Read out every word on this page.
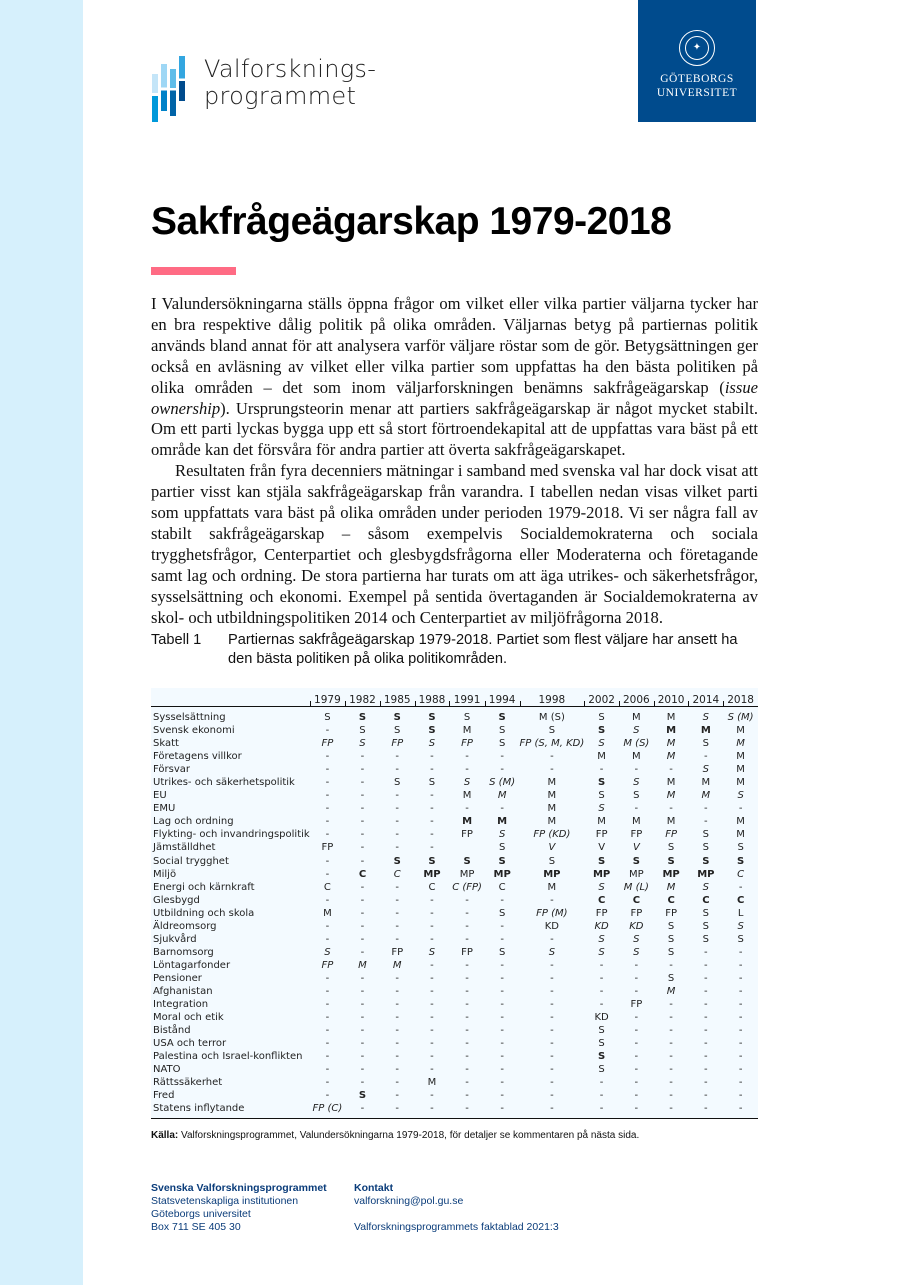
Valforsknings-
programmet
✦
GÖTEBORGS
UNIVERSITET
Sakfrågeägarskap 1979-2018

I Valundersökningarna ställs öppna frågor om vilket eller vilka partier väljarna tycker har en bra respektive dålig politik på olika områden. Väljarnas betyg på partiernas politik används bland annat för att analysera varför väljare röstar som de gör. Betygsättningen ger också en avläsning av vilket eller vilka partier som uppfattas ha den bästa politiken på olika områden – det som inom väljarforskningen benämns sakfrågeägarskap (issue ownership). Ursprungsteorin menar att partiers sakfrågeägarskap är något mycket stabilt. Om ett parti lyckas bygga upp ett så stort förtroendekapital att de uppfattas vara bäst på ett område kan det försvåra för andra partier att överta sakfrågeägarskapet.

Resultaten från fyra decenniers mätningar i samband med svenska val har dock visat att partier visst kan stjäla sakfrågeägarskap från varandra. I tabellen nedan visas vilket parti som uppfattats vara bäst på olika områden under perioden 1979-2018. Vi ser några fall av stabilt sakfrågeägarskap – såsom exempelvis Socialdemokraterna och sociala trygghetsfrågor, Centerpartiet och glesbygdsfrågorna eller Moderaterna och företagande samt lag och ordning. De stora partierna har turats om att äga utrikes- och säkerhetsfrågor, sysselsättning och ekonomi. Exempel på sentida övertaganden är Socialdemokraterna av skol- och utbildningspolitiken 2014 och Centerpartiet av miljöfrågorna 2018.

Tabell 1	Partiernas sakfrågeägarskap 1979-2018. Partiet som flest väljare har ansett ha den bästa politiken på olika politikområden.
	1979	1982	1985	1988	1991	1994	1998	2002	2006	2010	2014	2018
Sysselsättning	S	S	S	S	S	S	M (S)	S	M	M	S	S (M)
Svensk ekonomi	-	S	S	S	M	S	S	S	S	M	M	M
Skatt	FP	S	FP	S	FP	S	FP (S, M, KD)	S	M (S)	M	S	M
Företagens villkor	-	-	-	-	-	-	-	M	M	M	-	M
Försvar	-	-	-	-	-	-	-	-	-	-	S	M
Utrikes- och säkerhetspolitik	-	-	S	S	S	S (M)	M	S	S	M	M	M
EU	-	-	-	-	M	M	M	S	S	M	M	S
EMU	-	-	-	-	-	-	M	S	-	-	-	-
Lag och ordning	-	-	-	-	M	M	M	M	M	M	-	M
Flykting- och invandringspolitik	-	-	-	-	FP	S	FP (KD)	FP	FP	FP	S	M
Jämställdhet	FP	-	-	-		S	V	V	V	S	S	S
Social trygghet	-	-	S	S	S	S	S	S	S	S	S	S
Miljö	-	C	C	MP	MP	MP	MP	MP	MP	MP	MP	C
Energi och kärnkraft	C	-	-	C	C (FP)	C	M	S	M (L)	M	S	-
Glesbygd	-	-	-	-	-	-	-	C	C	C	C	C
Utbildning och skola	M	-	-	-	-	S	FP (M)	FP	FP	FP	S	L
Äldreomsorg	-	-	-	-	-	-	KD	KD	KD	S	S	S
Sjukvård	-	-	-	-	-	-	-	S	S	S	S	S
Barnomsorg	S	-	FP	S	FP	S	S	S	S	S	-	-
Löntagarfonder	FP	M	M	-	-	-	-	-	-	-	-	-
Pensioner	-	-	-	-	-	-	-	-	-	S	-	-
Afghanistan	-	-	-	-	-	-	-	-	-	M	-	-
Integration	-	-	-	-	-	-	-	-	FP	-	-	-
Moral och etik	-	-	-	-	-	-	-	KD	-	-	-	-
Bistånd	-	-	-	-	-	-	-	S	-	-	-	-
USA och terror	-	-	-	-	-	-	-	S	-	-	-	-
Palestina och Israel-konflikten	-	-	-	-	-	-	-	S	-	-	-	-
NATO	-	-	-	-	-	-	-	S	-	-	-	-
Rättssäkerhet	-	-	-	M	-	-	-	-	-	-	-	-
Fred	-	S	-	-	-	-	-	-	-	-	-	-
Statens inflytande	FP (C)	-	-	-	-	-	-	-	-	-	-	-
Källa: Valforskningsprogrammet, Valundersökningarna 1979-2018, för detaljer se kommentaren på nästa sida.
Svenska Valforskningsprogrammet
Statsvetenskapliga institutionen
Göteborgs universitet
Box 711 SE 405 30
Kontakt
valforskning@pol.gu.se

Valforskningsprogrammets faktablad 2021:3
